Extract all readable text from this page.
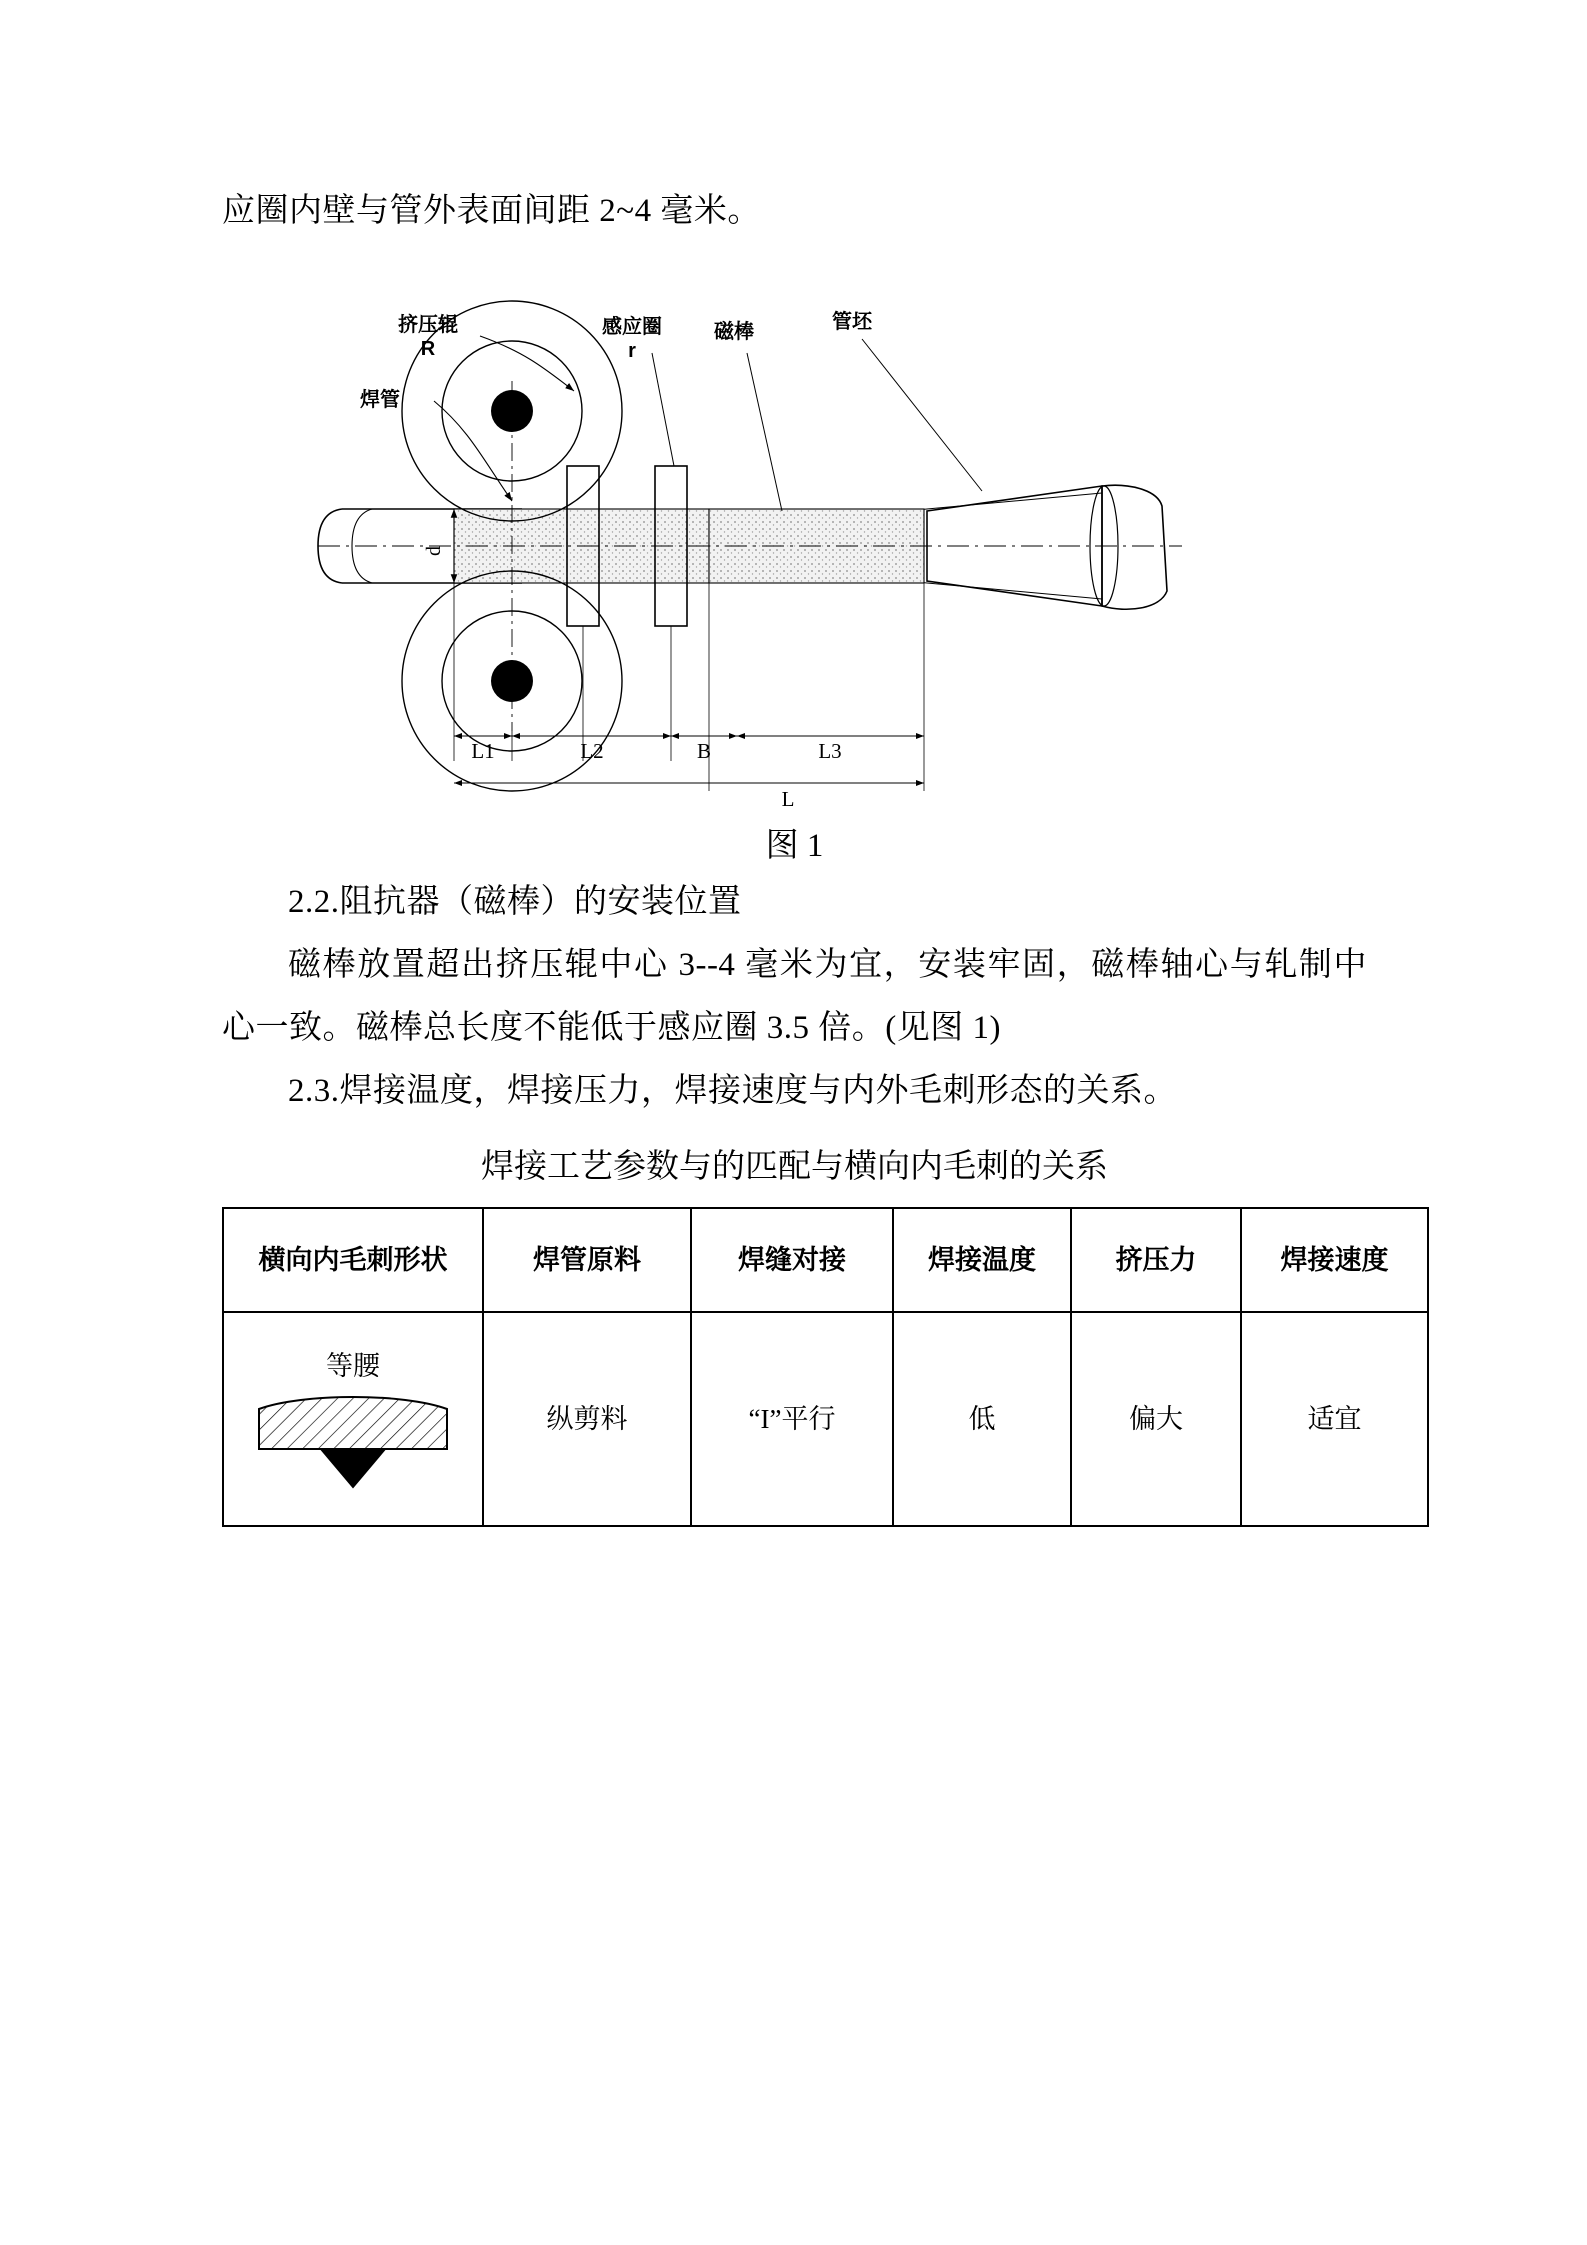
应圈内壁与管外表面间距 2~4 毫米。

d
L1	L2	B	L3
L
挤压辊
R
焊管
感应圈
r
磁棒	管坯

图 1

2.2.阻抗器（磁棒）的安装位置

磁棒放置超出挤压辊中心 3--4 毫米为宜，安装牢固，磁棒轴心与轧制中心一致。磁棒总长度不能低于感应圈 3.5 倍。(见图 1)

2.3.焊接温度，焊接压力，焊接速度与内外毛刺形态的关系。

焊接工艺参数与的匹配与横向内毛刺的关系

横向内毛刺形状	焊管原料	焊缝对接	焊接温度	挤压力	焊接速度

等腰	纵剪料	“I”平行	低	偏大	适宜
